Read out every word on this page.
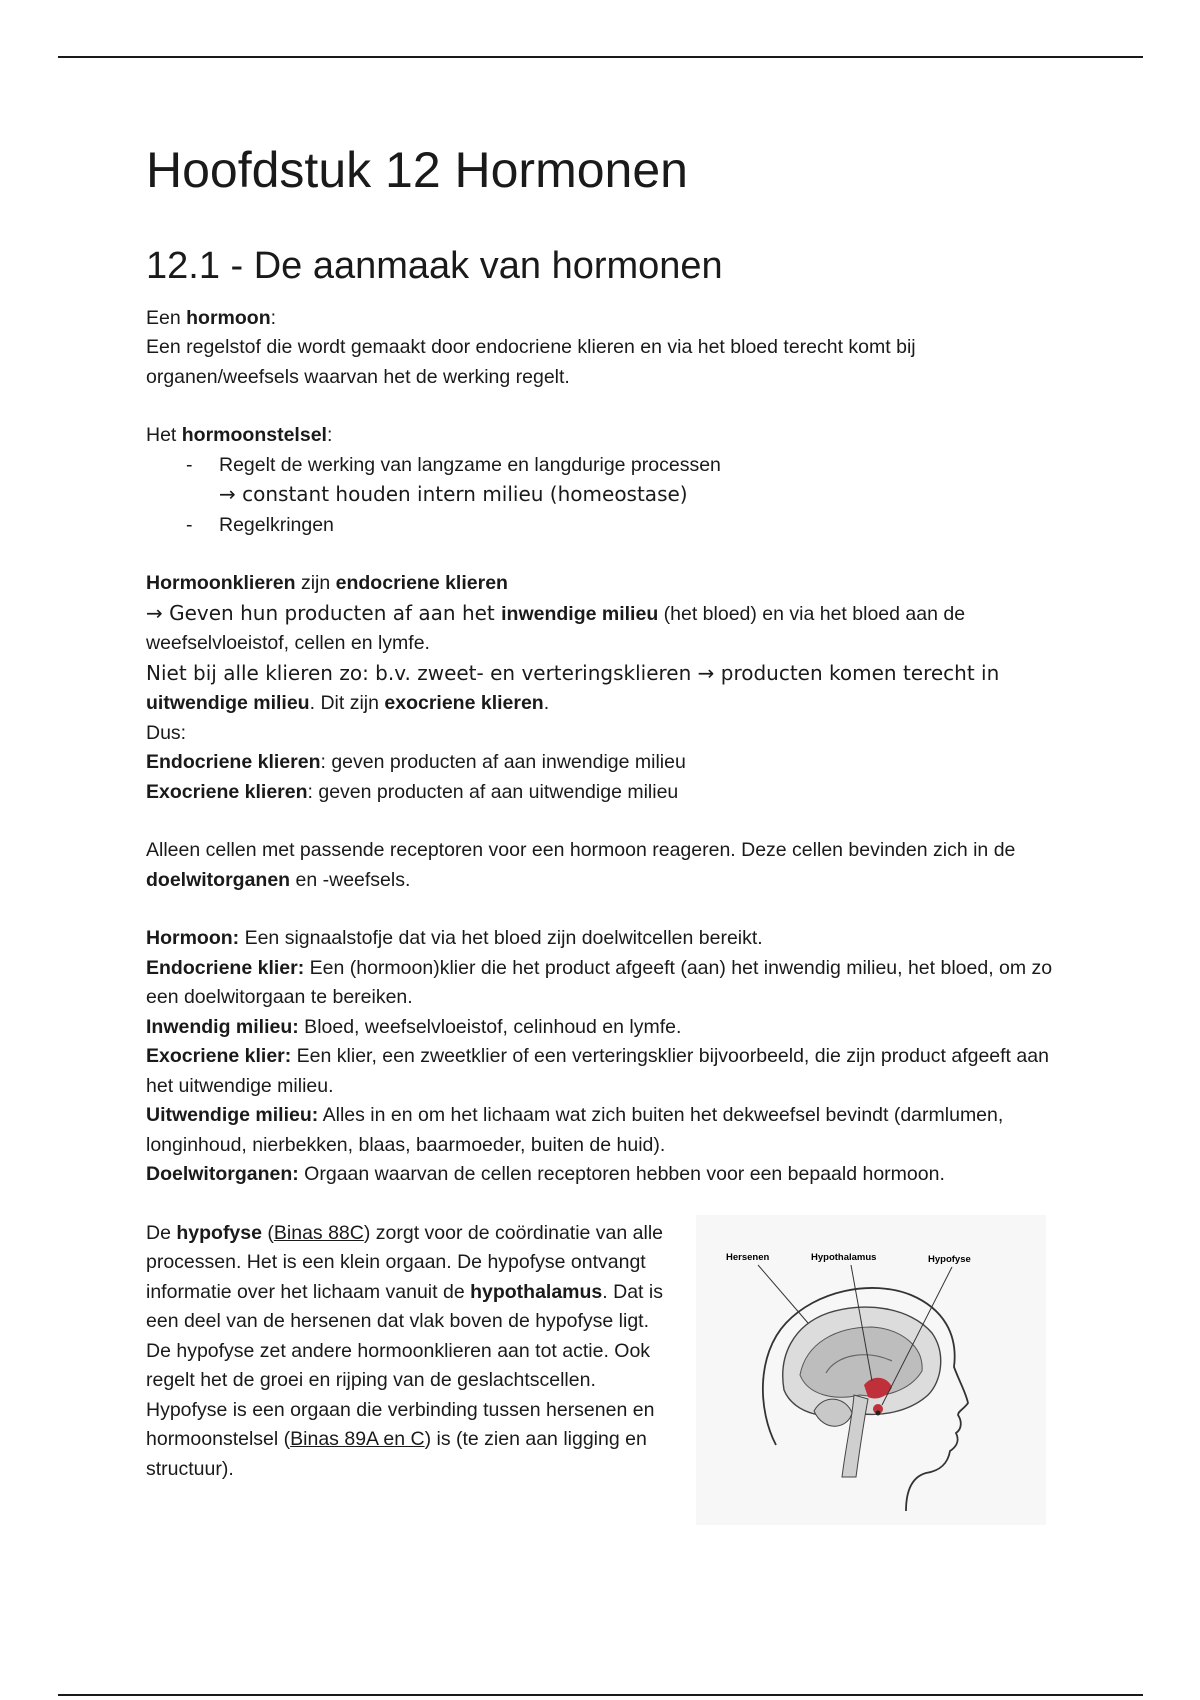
Hoofdstuk 12 Hormonen
12.1 - De aanmaak van hormonen

Een hormoon:

Een regelstof die wordt gemaakt door endocriene klieren en via het bloed terecht komt bij organen/weefsels waarvan het de werking regelt.

Het hormoonstelsel:

- Regelt de werking van langzame en langdurige processen
→ constant houden intern milieu (homeostase)
- Regelkringen

Hormoonklieren zijn endocriene klieren

→ Geven hun producten af aan het inwendige milieu (het bloed) en via het bloed aan de weefselvloeistof, cellen en lymfe.

Niet bij alle klieren zo: b.v. zweet- en verteringsklieren → producten komen terecht in uitwendige milieu. Dit zijn exocriene klieren.

Dus:

Endocriene klieren: geven producten af aan inwendige milieu

Exocriene klieren: geven producten af aan uitwendige milieu

Alleen cellen met passende receptoren voor een hormoon reageren. Deze cellen bevinden zich in de doelwitorganen en -weefsels.

Hormoon: Een signaalstofje dat via het bloed zijn doelwitcellen bereikt.

Endocriene klier: Een (hormoon)klier die het product afgeeft (aan) het inwendig milieu, het bloed, om zo een doelwitorgaan te bereiken.

Inwendig milieu: Bloed, weefselvloeistof, celinhoud en lymfe.

Exocriene klier: Een klier, een zweetklier of een verteringsklier bijvoorbeeld, die zijn product afgeeft aan het uitwendige milieu.

Uitwendige milieu: Alles in en om het lichaam wat zich buiten het dekweefsel bevindt (darmlumen, longinhoud, nierbekken, blaas, baarmoeder, buiten de huid).

Doelwitorganen: Orgaan waarvan de cellen receptoren hebben voor een bepaald hormoon.

De hypofyse (Binas 88C) zorgt voor de coördinatie van alle processen. Het is een klein orgaan. De hypofyse ontvangt informatie over het lichaam vanuit de hypothalamus. Dat is een deel van de hersenen dat vlak boven de hypofyse ligt.

De hypofyse zet andere hormoonklieren aan tot actie. Ook regelt het de groei en rijping van de geslachtscellen.

Hypofyse is een orgaan die verbinding tussen hersenen en hormoonstelsel (Binas 89A en C) is (te zien aan ligging en structuur).

Hersenen	Hypothalamus	Hypofyse
